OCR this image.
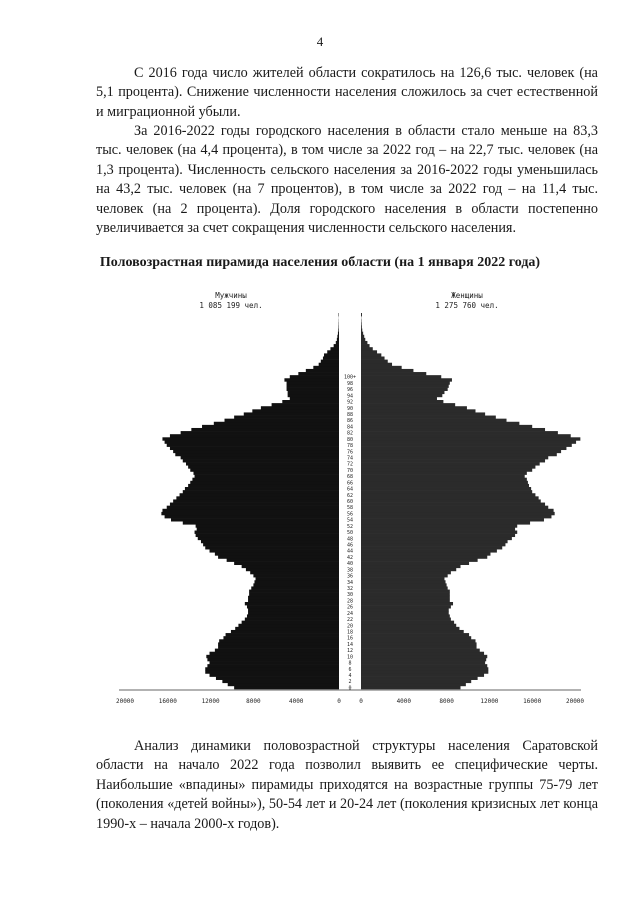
4

С 2016 года число жителей области сократилось на 126,6 тыс. человек (на 5,1 процента). Снижение численности населения сложилось за счет естественной и миграционной убыли.

За 2016-2022 годы городского населения в области стало меньше на 83,3 тыс. человек (на 4,4 процента), в том числе за 2022 год – на 22,7 тыс. человек (на 1,3 процента). Численность сельского населения за 2016-2022 годы уменьшилась на 43,2 тыс. человек (на 7 процентов), в том числе за 2022 год – на 11,4 тыс. человек (на 2 процента). Доля городского населения в области постепенно увеличивается за счет сокращения численности сельского населения.

Половозрастная пирамида населения области (на 1 января 2022 года)
Мужчины
1 085 199 чел.
Женщины
1 275 760 чел.
0
2
4
6
8
10
12
14
16
18
20
22
24
26
28
30
32
34
36
38
40
42
44
46
48
50
52
54
56
58
60
62
64
66
68
70
72
74
76
78
80
82
84
86
88
90
92
94
96
98
100+
20000	16000	12000	8000	4000	0	0	4000	8000	12000	16000	20000

Анализ динамики половозрастной структуры населения Саратовской области на начало 2022 года позволил выявить ее специфические черты. Наибольшие «впадины» пирамиды приходятся на возрастные группы 75-79 лет (поколения «детей войны»), 50-54 лет и 20-24 лет (поколения кризисных лет конца 1990-х – начала 2000-х годов).
